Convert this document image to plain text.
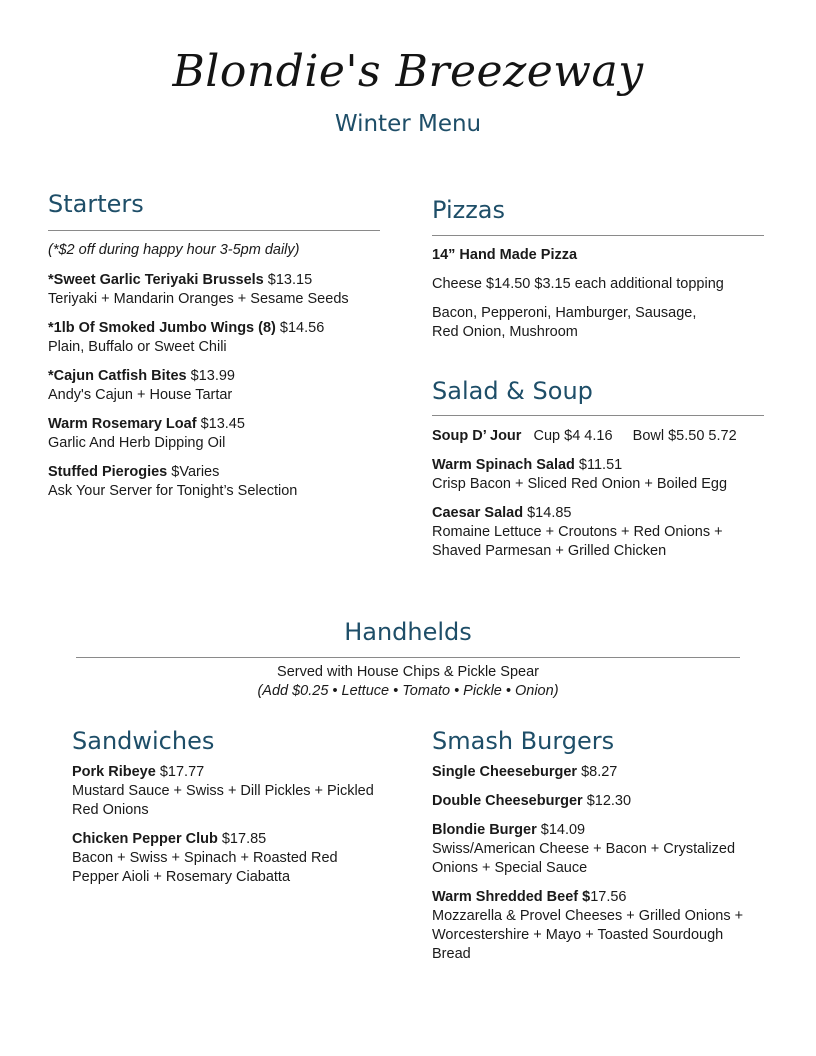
Blondie's Breezeway
Winter Menu
Starters
(*$2 off during happy hour 3-5pm daily)
*Sweet Garlic Teriyaki Brussels $13.15
Teriyaki + Mandarin Oranges + Sesame Seeds
*1lb Of Smoked Jumbo Wings (8) $14.56
Plain, Buffalo or Sweet Chili
*Cajun Catfish Bites $13.99
Andy's Cajun + House Tartar
Warm Rosemary Loaf $13.45
Garlic And Herb Dipping Oil
Stuffed Pierogies $Varies
Ask Your Server for Tonight’s Selection
Pizzas
14” Hand Made Pizza
Cheese $14.50 $3.15 each additional topping
Bacon, Pepperoni, Hamburger, Sausage,
Red Onion, Mushroom
Salad & Soup
Soup D’ Jour   Cup $4 4.16     Bowl $5.50 5.72
Warm Spinach Salad $11.51
Crisp Bacon + Sliced Red Onion + Boiled Egg
Caesar Salad $14.85
Romaine Lettuce + Croutons + Red Onions +
Shaved Parmesan + Grilled Chicken
Handhelds
Served with House Chips & Pickle Spear
(Add $0.25 • Lettuce • Tomato • Pickle • Onion)
Sandwiches
Pork Ribeye $17.77
Mustard Sauce + Swiss + Dill Pickles + Pickled
Red Onions
Chicken Pepper Club $17.85
Bacon + Swiss + Spinach + Roasted Red
Pepper Aioli + Rosemary Ciabatta
Smash Burgers
Single Cheeseburger $8.27
Double Cheeseburger $12.30
Blondie Burger $14.09
Swiss/American Cheese + Bacon + Crystalized
Onions + Special Sauce
Warm Shredded Beef $17.56
Mozzarella & Provel Cheeses + Grilled Onions +
Worcestershire + Mayo + Toasted Sourdough
Bread
